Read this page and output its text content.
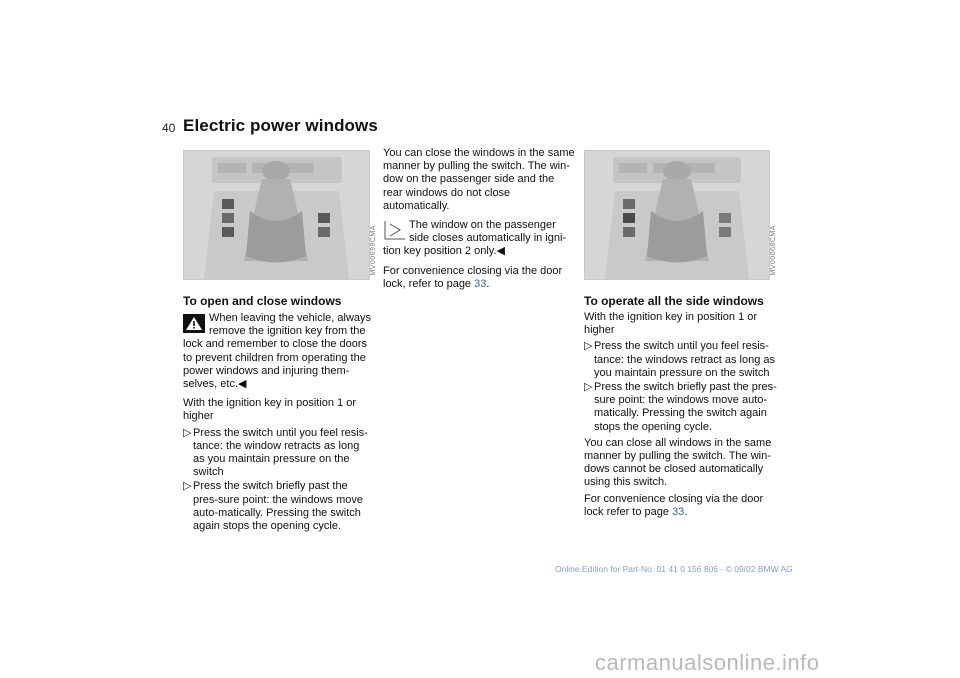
40 Electric power windows
MV00699CMA	MV00668CMA
To open and close windows
When leaving the vehicle, always
remove the ignition key from the

lock and remember to close the doors to prevent children from operating the power windows and injuring them-selves, etc.◀

With the ignition key in position 1 or higher

▷ Press the switch until you feel resis-tance: the window retracts as long as you maintain pressure on the switch
▷ Press the switch briefly past the pres-sure point: the windows move auto-matically. Pressing the switch again stops the opening cycle.

You can close the windows in the same manner by pulling the switch. The win-dow on the passenger side and the rear windows do not close automatically.

The window on the passenger
side closes automatically in igni-

tion key position 2 only.◀

For convenience closing via the door lock, refer to page 33.

To operate all the side windows

With the ignition key in position 1 or higher

▷ Press the switch until you feel resis-tance: the windows retract as long as you maintain pressure on the switch
▷ Press the switch briefly past the pres-sure point: the windows move auto-matically. Pressing the switch again stops the opening cycle.

You can close all windows in the same manner by pulling the switch. The win-dows cannot be closed automatically using this switch.

For convenience closing via the door lock refer to page 33.

Online Edition for Part-No. 01 41 0 156 806 - © 09/02 BMW AG
carmanualsonline.info
